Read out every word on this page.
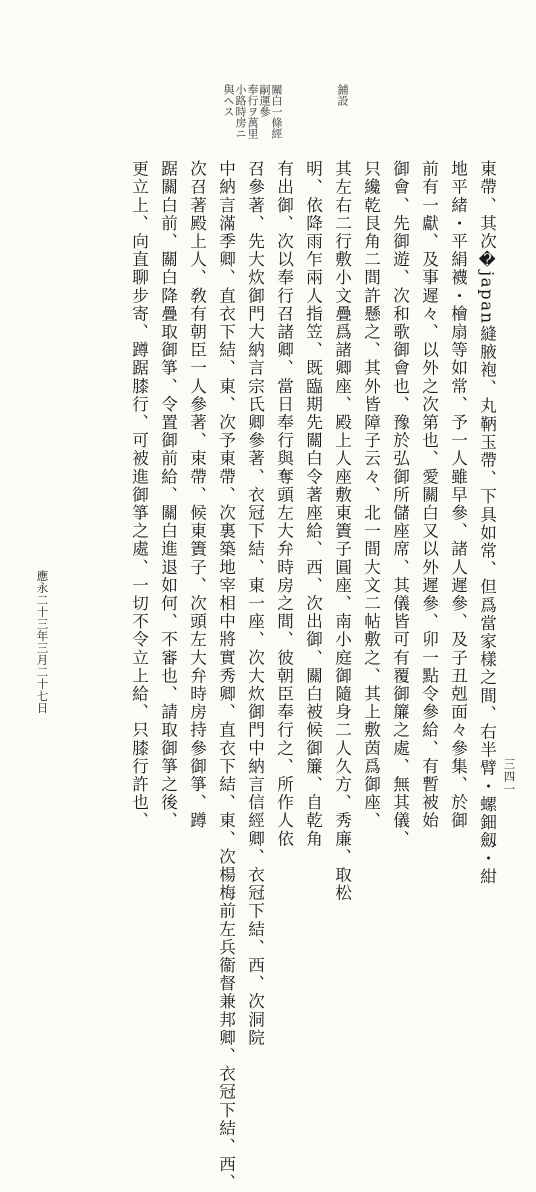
三四一
關白一條經嗣運參	鋪設
奉行ヲ萬里小路時房ニ與ヘス
東帶、其次�japan縫腋袍、丸鞆玉帶、下具如常、但爲當家樣之間、右半臂・螺鈿劔・紺
地平緒・平絹襪・檜扇等如常、予一人雖早參、諸人遲參、及子丑剋面々參集、於御
前有一獻、及事遲々、以外之次第也、愛關白又以外遲參、卯一點令參給、有暫被始
御會、先御遊、次和歌御會也、豫於弘御所儲座席、其儀皆可有覆御簾之處、無其儀、
只纔乾艮角二間許懸之、其外皆障子云々、北一間大文二帖敷之、其上敷茵爲御座、
其左右二行敷小文疊爲諸卿座、殿上人座敷東簀子圓座、南小庭御隨身二人久方、秀廉、取松
明、依降雨乍兩人指笠、既臨期先關白令著座給、西、次出御、關白被候御簾、自乾角
有出御、次以奉行召諸卿、當日奉行與奪頭左大弁時房之間、彼朝臣奉行之、所作人依
召參著、先大炊御門大納言宗氏卿參著、衣冠下結、東一座、次大炊御門中納言信經卿、衣冠下結、西、次洞院
中納言滿季卿、直衣下結、東、次予東帶、次裏築地宰相中將實秀卿、直衣下結、東、次楊梅前左兵衞督兼邦卿、衣冠下結、西、
次召著殿上人、敎有朝臣一人參著、束帶、候東簀子、次頭左大弁時房持參御箏、蹲
踞關白前、關白降疊取御箏、令置御前給、關白進退如何、不審也、請取御箏之後、
更立上、向直聊步寄、蹲踞膝行、可被進御箏之處、一切不令立上給、只膝行許也、
應永二十三年三月二十七日
